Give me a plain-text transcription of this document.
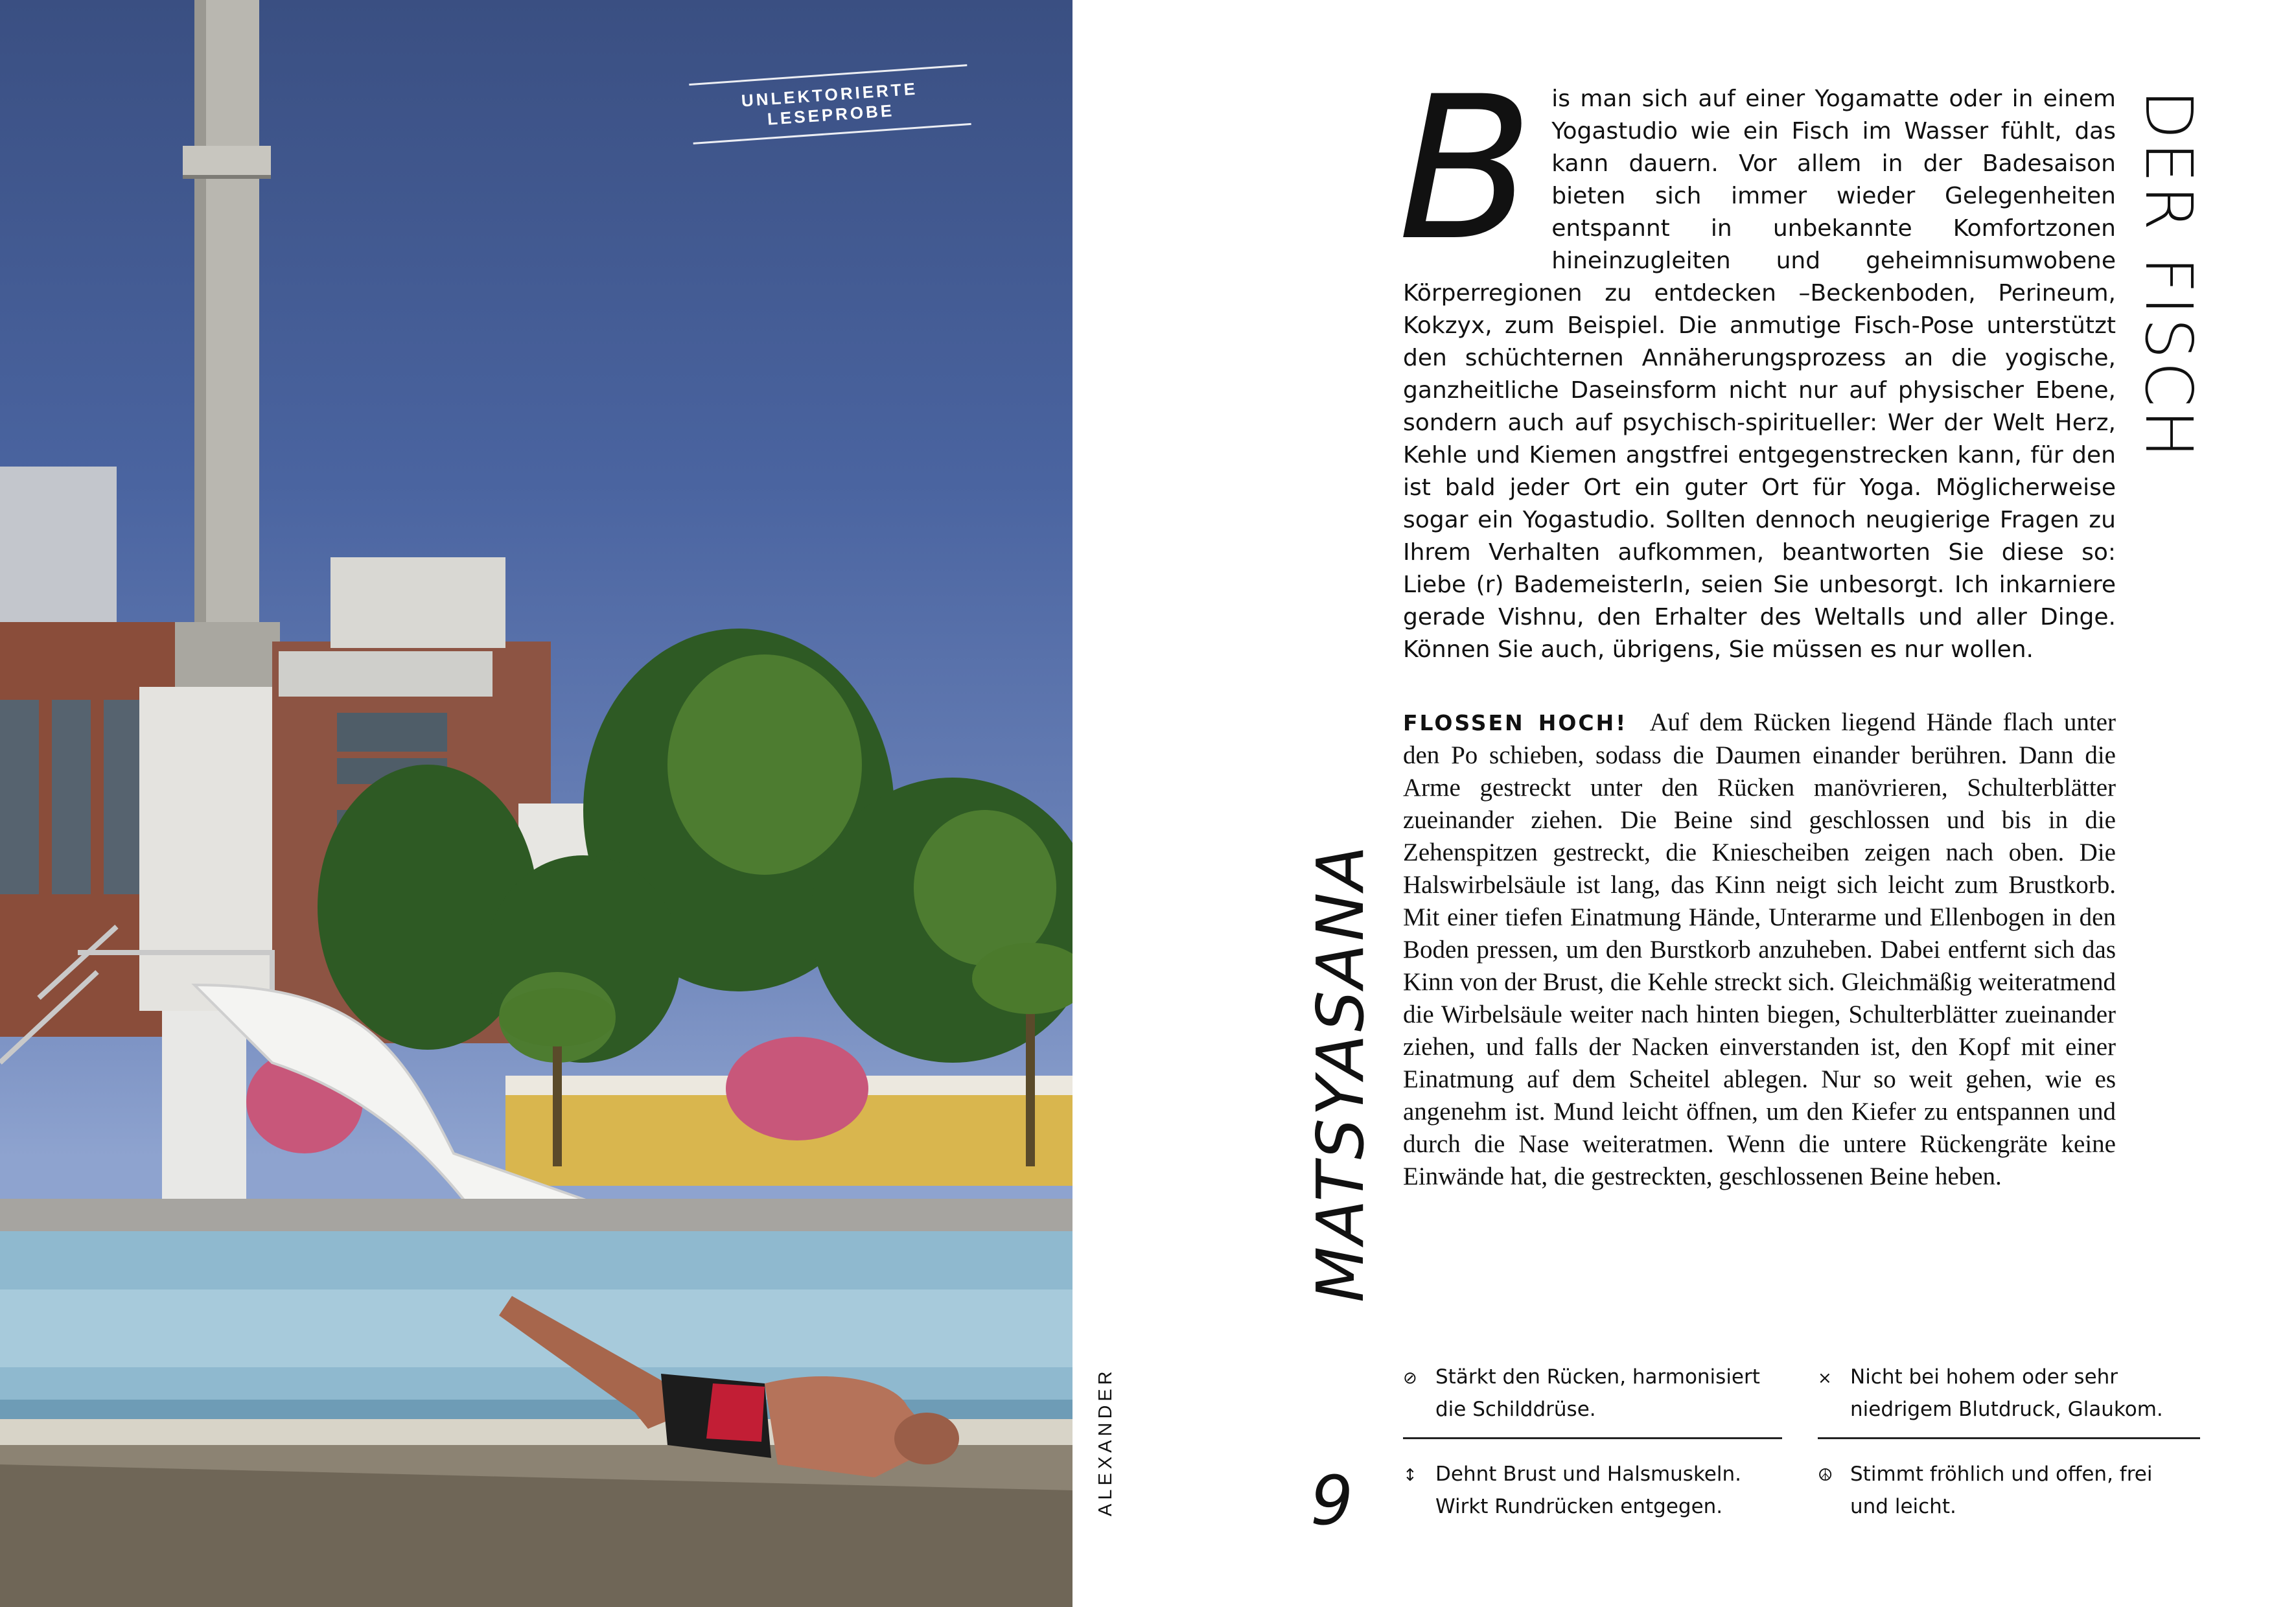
UNLEKTORIERTE LESEPROBE
ALEXANDER
DER FISCH
MATSYASANA
B is man sich auf einer Yogamatte oder in einem Yogastudio wie ein Fisch im Wasser fühlt, das kann dauern. Vor allem in der Badesaison bieten sich immer wieder Gelegenheiten entspannt in unbekannte Komfortzonen hineinzugleiten und geheimnisumwobene Körperregionen zu entdecken –Beckenboden, Perineum, Kokzyx, zum Beispiel. Die anmutige Fisch-Pose unterstützt den schüchternen Annäherungsprozess an die yogische, ganzheitliche Daseinsform nicht nur auf physischer Ebene, sondern auch auf psychisch-spiritueller: Wer der Welt Herz, Kehle und Kiemen angstfrei entgegenstrecken kann, für den ist bald jeder Ort ein guter Ort für Yoga. Möglicherweise sogar ein Yogastudio. Sollten dennoch neugierige Fragen zu Ihrem Verhalten aufkommen, beantworten Sie diese so: Liebe (r) BademeisterIn, seien Sie unbesorgt. Ich inkarniere gerade Vishnu, den Erhalter des Weltalls und aller Dinge. Können Sie auch, übrigens, Sie müssen es nur wollen.
FLOSSEN HOCH! Auf dem Rücken liegend Hände flach unter den Po schieben, sodass die Daumen einander berühren. Dann die Arme gestreckt unter den Rücken manövrieren, Schulterblätter zueinander ziehen. Die Beine sind geschlossen und bis in die Zehenspitzen gestreckt, die Kniescheiben zeigen nach oben. Die Halswirbelsäule ist lang, das Kinn neigt sich leicht zum Brustkorb. Mit einer tiefen Einatmung Hände, Unterarme und Ellenbogen in den Boden pressen, um den Burstkorb anzuheben. Dabei entfernt sich das Kinn von der Brust, die Kehle streckt sich. Gleichmäßig weiteratmend die Wirbelsäule weiter nach hinten biegen, Schulterblätter zueinander ziehen, und falls der Nacken einverstanden ist, den Kopf mit einer Einatmung auf dem Scheitel ablegen. Nur so weit gehen, wie es angenehm ist. Mund leicht öffnen, um den Kiefer zu entspannen und durch die Nase weiteratmen. Wenn die untere Rückengräte keine Einwände hat, die gestreckten, geschlossenen Beine heben.
9
⊘ Stärkt den Rücken, harmonisiert die Schilddrüse.
× Nicht bei hohem oder sehr niedrigem Blutdruck, Glaukom.
↕ Dehnt Brust und Halsmuskeln. Wirkt Rundrücken entgegen.
☮ Stimmt fröhlich und offen, frei und leicht.
